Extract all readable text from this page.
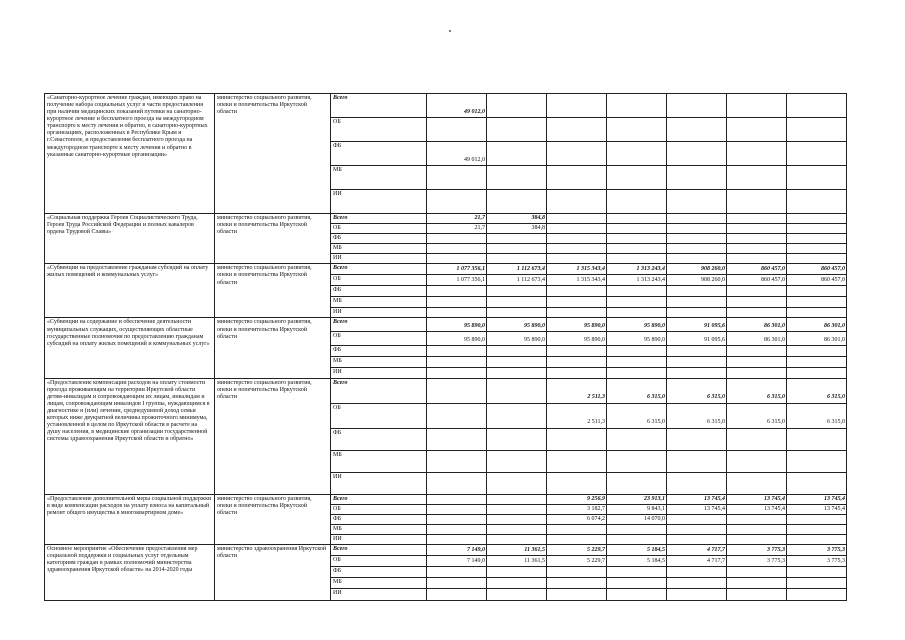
«Санаторно-курортное лечение граждан, имеющих право на получение набора социальных услуг в части предоставления при наличии медицинских показаний путевки на санаторно-курортное лечение и бесплатного проезда на междугородном транспорте к месту лечения и обратно, в санаторно-курортных организациях, расположенных в Республике Крым и г.Севастополе, и предоставления бесплатного проезда на междугородном транспорте к месту лечения и обратно в указанные санаторно-курортные организации»	министерство социального развития, опеки и попечительства Иркутской области	Всего	49 012,0						
		ОБ							
		ФБ	49 012,0						
		МБ							
		ИИ							
«Социальная поддержка Героев Социалистического Труда, Героев Труда Российской Федерации и полных кавалеров ордена Трудовой Славы»	министерство социального развития, опеки и попечительства Иркутской области	Всего	21,7	384,8					
		ОБ	21,7	384,8					
		ФБ							
		МБ							
		ИИ							
«Субвенции на предоставление гражданам субсидий на оплату жилых помещений и коммунальных услуг»	министерство социального развития, опеки и попечительства Иркутской области	Всего	1 077 356,1	1 112 673,4	1 315 343,4	1 313 243,4	908 260,0	860 457,0	860 457,0
		ОБ	1 077 356,1	1 112 673,4	1 315 343,4	1 313 243,4	908 260,0	860 457,0	860 457,0
		ФБ							
		МБ							
		ИИ							
«Субвенции на содержание и обеспечение деятельности муниципальных служащих, осуществляющих областные государственные полномочия по предоставлению гражданам субсидий на оплату жилых помещений и коммунальных услуг»	министерство социального развития, опеки и попечительства Иркутской области	Всего	95 890,0	95 890,0	95 890,0	95 890,0	91 095,6	86 301,0	86 301,0
		ОБ	95 890,0	95 890,0	95 890,0	95 890,0	91 095,6	86 301,0	86 301,0
		ФБ							
		МБ							
		ИИ							
«Предоставление компенсации расходов на оплату стоимости проезда проживающим на территории Иркутской области детям-инвалидам и сопровождающим их лицам, инвалидам и лицам, сопровождающим инвалидов I группы, нуждающимся в диагностике и (или) лечении, среднедушевой доход семьи которых ниже двукратной величины прожиточного минимума, установленной в целом по Иркутской области в расчете на душу населения, в медицинские организации государственной системы здравоохранения Иркутской области и обратно»	министерство социального развития, опеки и попечительства Иркутской области	Всего			2 511,3	6 315,0	6 315,0	6 315,0	6 315,0
		ОБ			2 511,3	6 315,0	6 315,0	6 315,0	6 315,0
		ФБ							
		МБ							
		ИИ							
«Предоставление дополнительной меры социальной поддержки в виде компенсации расходов на уплату взноса на капитальный ремонт общего имущества в многоквартирном доме»	министерство социального развития, опеки и попечительства Иркутской области	Всего			9 256,9	23 913,1	13 745,4	13 745,4	13 745,4
		ОБ			3 182,7	9 843,1	13 745,4	13 745,4	13 745,4
		ФБ			6 074,2	14 070,0			
		МБ							
		ИИ							
Основное мероприятие «Обеспечение предоставления мер социальной поддержки и социальных услуг отдельным категориям граждан в рамках полномочий министерства здравоохранения Иркутской области» на 2014-2020 годы	министерство здравоохранения Иркутской области	Всего	7 149,0	11 361,5	5 229,7	5 184,5	4 717,7	3 775,3	3 775,3
		ОБ	7 149,0	11 361,5	5 229,7	5 184,5	4 717,7	3 775,3	3 775,3
		ФБ							
		МБ							
		ИИ							
